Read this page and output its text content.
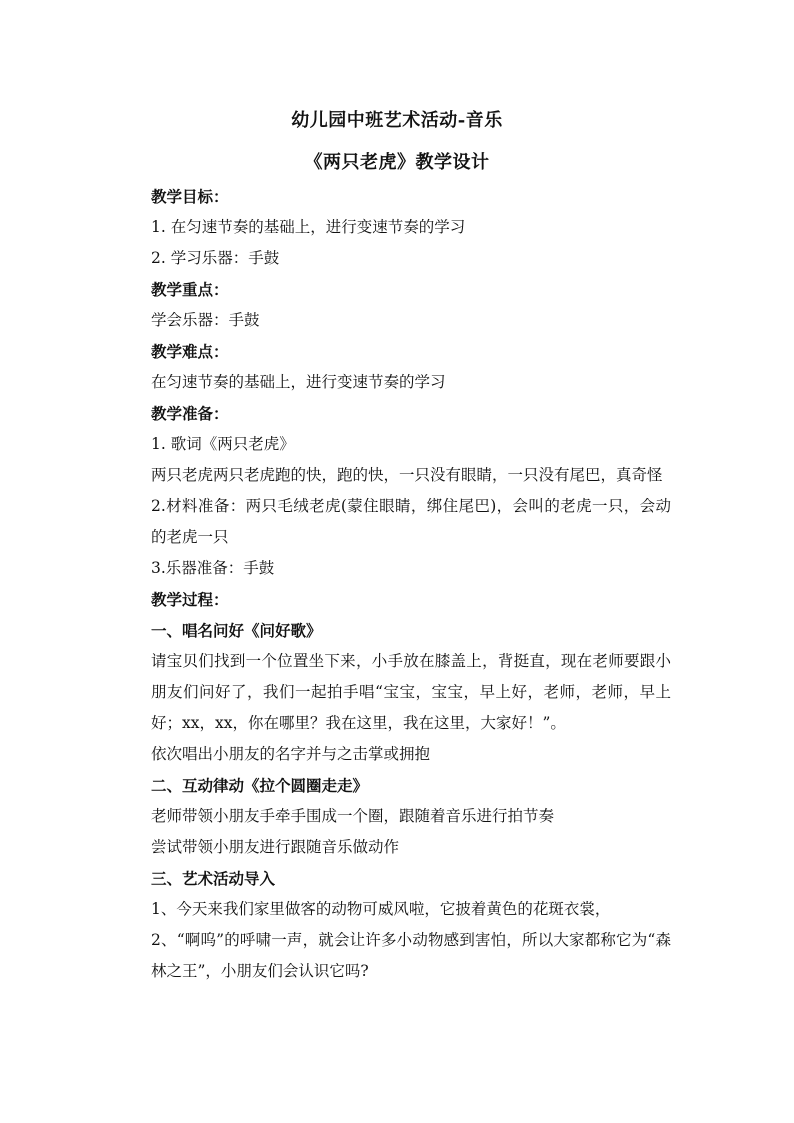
幼儿园中班艺术活动-音乐
《两只老虎》教学设计
教学目标：
1. 在匀速节奏的基础上，进行变速节奏的学习
2. 学习乐器：手鼓
教学重点：
学会乐器：手鼓
教学难点：
在匀速节奏的基础上，进行变速节奏的学习
教学准备：
1. 歌词《两只老虎》
两只老虎两只老虎跑的快，跑的快，一只没有眼睛，一只没有尾巴，真奇怪
2.材料准备：两只毛绒老虎(蒙住眼睛，绑住尾巴)，会叫的老虎一只，会动的老虎一只
3.乐器准备：手鼓
教学过程：
一、唱名问好《问好歌》
请宝贝们找到一个位置坐下来，小手放在膝盖上，背挺直，现在老师要跟小朋友们问好了，我们一起拍手唱“宝宝，宝宝，早上好，老师，老师，早上好；xx，xx，你在哪里？我在这里，我在这里，大家好！”。
依次唱出小朋友的名字并与之击掌或拥抱
二、互动律动《拉个圆圈走走》
老师带领小朋友手牵手围成一个圈，跟随着音乐进行拍节奏
尝试带领小朋友进行跟随音乐做动作
三、艺术活动导入
1、今天来我们家里做客的动物可威风啦，它披着黄色的花斑衣裳，
2、“啊呜”的呼啸一声，就会让许多小动物感到害怕，所以大家都称它为“森林之王”，小朋友们会认识它吗?
